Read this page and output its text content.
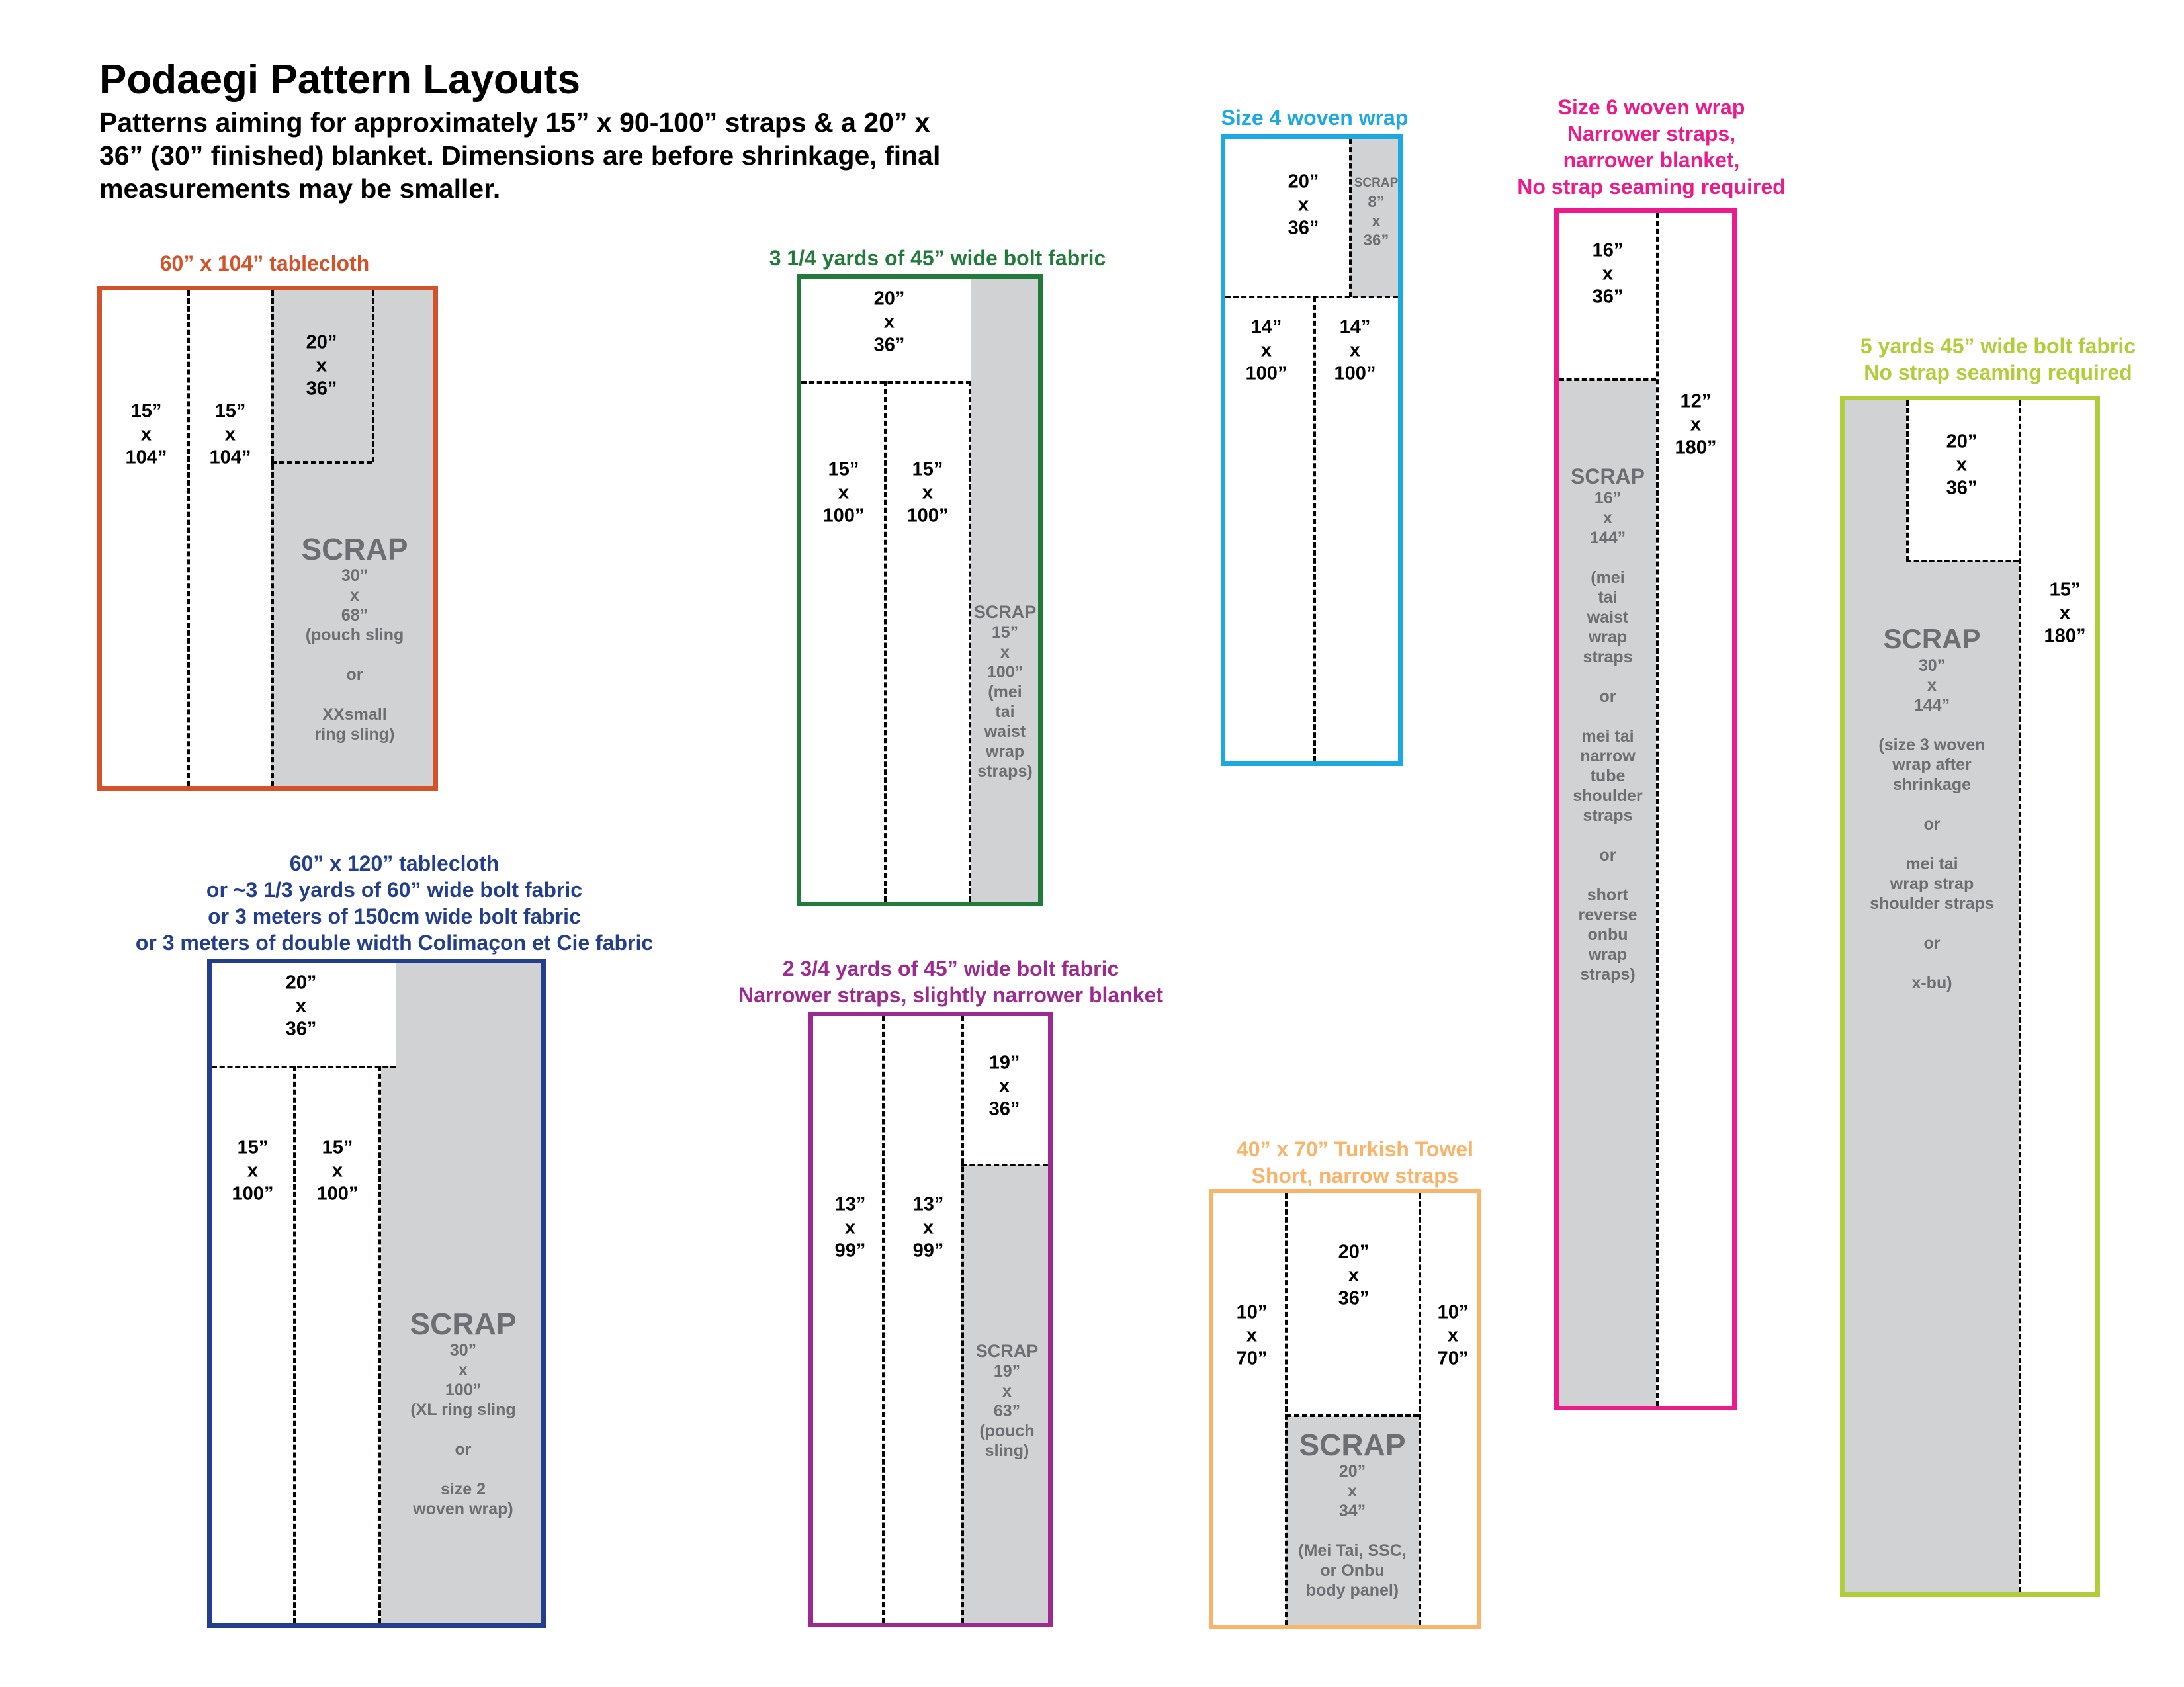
Podaegi Pattern Layouts
Patterns aiming for approximately 15” x 90-100” straps & a 20” x 36” (30” finished) blanket. Dimensions are before shrinkage, final measurements may be smaller.
60” x 104” tablecloth
15”
x
104”
15”
x
104”
20”
x
36”
SCRAP
30”
x
68”
(pouch sling

or

XXsmall
ring sling)
3 1/4 yards of 45” wide bolt fabric
20”
x
36”
15”
x
100”
15”
x
100”
SCRAP
15”
x
100”
(mei
tai
waist
wrap
straps)
Size 4 woven wrap
20”
x
36”
14”
x
100”
14”
x
100”
SCRAP
8”
x
36”
Size 6 woven wrap
Narrower straps,
narrower blanket,
No strap seaming required
16”
x
36”
12”
x
180”
SCRAP
16”
x
144”

(mei
tai
waist
wrap
straps

or

mei tai
narrow
tube
shoulder
straps

or

short
reverse
onbu
wrap
straps)
5 yards 45” wide bolt fabric
No strap seaming required
20”
x
36”
15”
x
180”
SCRAP
30”
x
144”

(size 3 woven
wrap after
shrinkage

or

mei tai
wrap strap
shoulder straps

or

x-bu)
60” x 120” tablecloth
or ~3 1/3 yards of 60” wide bolt fabric
or 3 meters of 150cm wide bolt fabric
or 3 meters of double width Colimaçon et Cie fabric
20”
x
36”
15”
x
100”
15”
x
100”
SCRAP
30”
x
100”
(XL ring sling

or

size 2
woven wrap)
2 3/4 yards of 45” wide bolt fabric
Narrower straps, slightly narrower blanket
13”
x
99”
13”
x
99”
19”
x
36”
SCRAP
19”
x
63”
(pouch
sling)
40” x 70” Turkish Towel
Short, narrow straps
10”
x
70”
20”
x
36”
10”
x
70”
SCRAP
20”
x
34”

(Mei Tai, SSC,
or Onbu
body panel)
